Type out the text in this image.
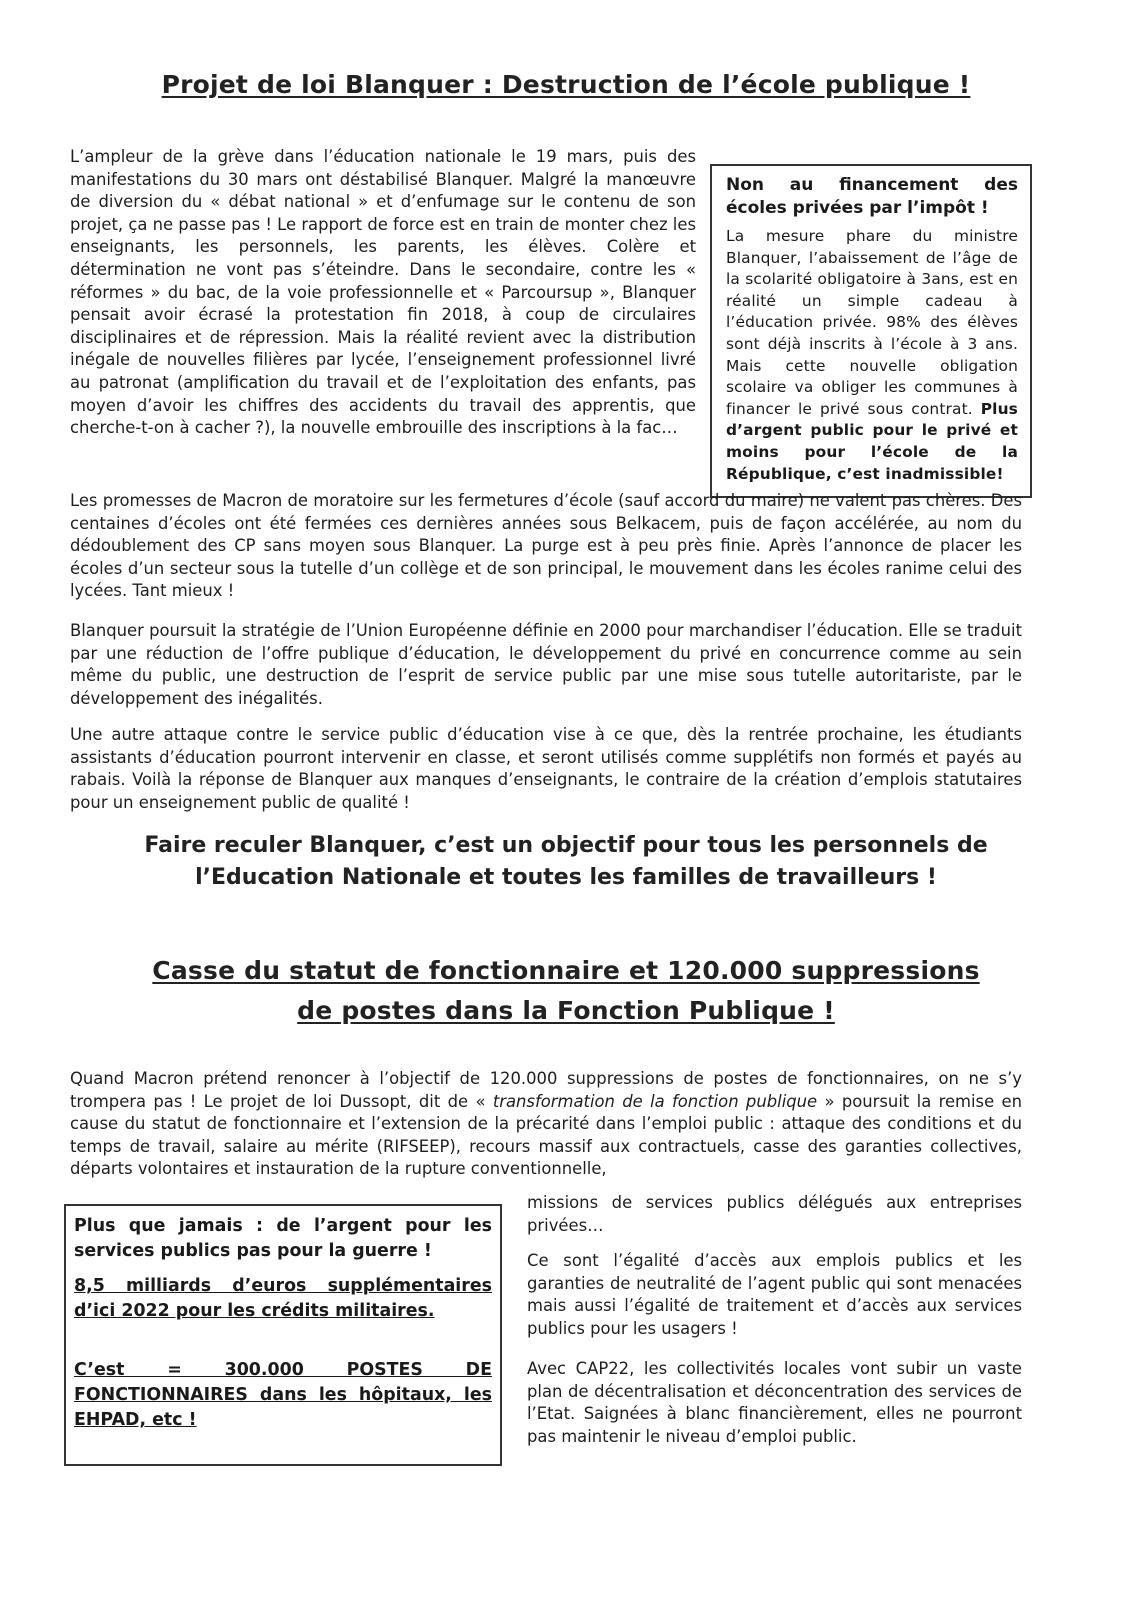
Projet de loi Blanquer : Destruction de l’école publique !

L’ampleur de la grève dans l’éducation nationale le 19 mars, puis des manifestations du 30 mars ont déstabilisé Blanquer. Malgré la manœuvre de diversion du « débat national » et d’enfumage sur le contenu de son projet, ça ne passe pas ! Le rapport de force est en train de monter chez les enseignants, les personnels, les parents, les élèves. Colère et détermination ne vont pas s’éteindre. Dans le secondaire, contre les « réformes » du bac, de la voie professionnelle et « Parcoursup », Blanquer pensait avoir écrasé la protestation fin 2018, à coup de circulaires disciplinaires et de répression. Mais la réalité revient avec la distribution inégale de nouvelles filières par lycée, l’enseignement professionnel livré au patronat (amplification du travail et de l’exploitation des enfants, pas moyen d’avoir les chiffres des accidents du travail des apprentis, que cherche-t-on à cacher ?), la nouvelle embrouille des inscriptions à la fac…

Non au financement des écoles privées par l’impôt !
La mesure phare du ministre Blanquer, l’abaissement de l’âge de la scolarité obligatoire à 3ans, est en réalité un simple cadeau à l’éducation privée. 98% des élèves sont déjà inscrits à l’école à 3 ans. Mais cette nouvelle obligation scolaire va obliger les communes à financer le privé sous contrat. Plus d’argent public pour le privé et moins pour l’école de la République, c’est inadmissible!

Les promesses de Macron de moratoire sur les fermetures d’école (sauf accord du maire) ne valent pas chères. Des centaines d’écoles ont été fermées ces dernières années sous Belkacem, puis de façon accélérée, au nom du dédoublement des CP sans moyen sous Blanquer. La purge est à peu près finie. Après l’annonce de placer les écoles d’un secteur sous la tutelle d’un collège et de son principal, le mouvement dans les écoles ranime celui des lycées. Tant mieux !

Blanquer poursuit la stratégie de l’Union Européenne définie en 2000 pour marchandiser l’éducation. Elle se traduit par une réduction de l’offre publique d’éducation, le développement du privé en concurrence comme au sein même du public, une destruction de l’esprit de service public par une mise sous tutelle autoritariste, par le développement des inégalités.

Une autre attaque contre le service public d’éducation vise à ce que, dès la rentrée prochaine, les étudiants assistants d’éducation pourront intervenir en classe, et seront utilisés comme supplétifs non formés et payés au rabais. Voilà la réponse de Blanquer aux manques d’enseignants, le contraire de la création d’emplois statutaires pour un enseignement public de qualité !

Faire reculer Blanquer, c’est un objectif pour tous les personnels de
l’Education Nationale et toutes les familles de travailleurs !
Casse du statut de fonctionnaire et 120.000 suppressions
de postes dans la Fonction Publique !

Quand Macron prétend renoncer à l’objectif de 120.000 suppressions de postes de fonctionnaires, on ne s’y trompera pas ! Le projet de loi Dussopt, dit de « transformation de la fonction publique » poursuit la remise en cause du statut de fonctionnaire et l’extension de la précarité dans l’emploi public : attaque des conditions et du temps de travail, salaire au mérite (RIFSEEP), recours massif aux contractuels, casse des garanties collectives, départs volontaires et instauration de la rupture conventionnelle,

missions de services publics délégués aux entreprises privées…

Plus que jamais : de l’argent pour les services publics pas pour la guerre !
8,5 milliards d’euros supplémentaires d’ici 2022 pour les crédits militaires.
C’est = 300.000 POSTES DE FONCTIONNAIRES dans les hôpitaux, les EHPAD, etc !

Ce sont l’égalité d’accès aux emplois publics et les garanties de neutralité de l’agent public qui sont menacées mais aussi l’égalité de traitement et d’accès aux services publics pour les usagers !

Avec CAP22, les collectivités locales vont subir un vaste plan de décentralisation et déconcentration des services de l’Etat. Saignées à blanc financièrement, elles ne pourront pas maintenir le niveau d’emploi public.
